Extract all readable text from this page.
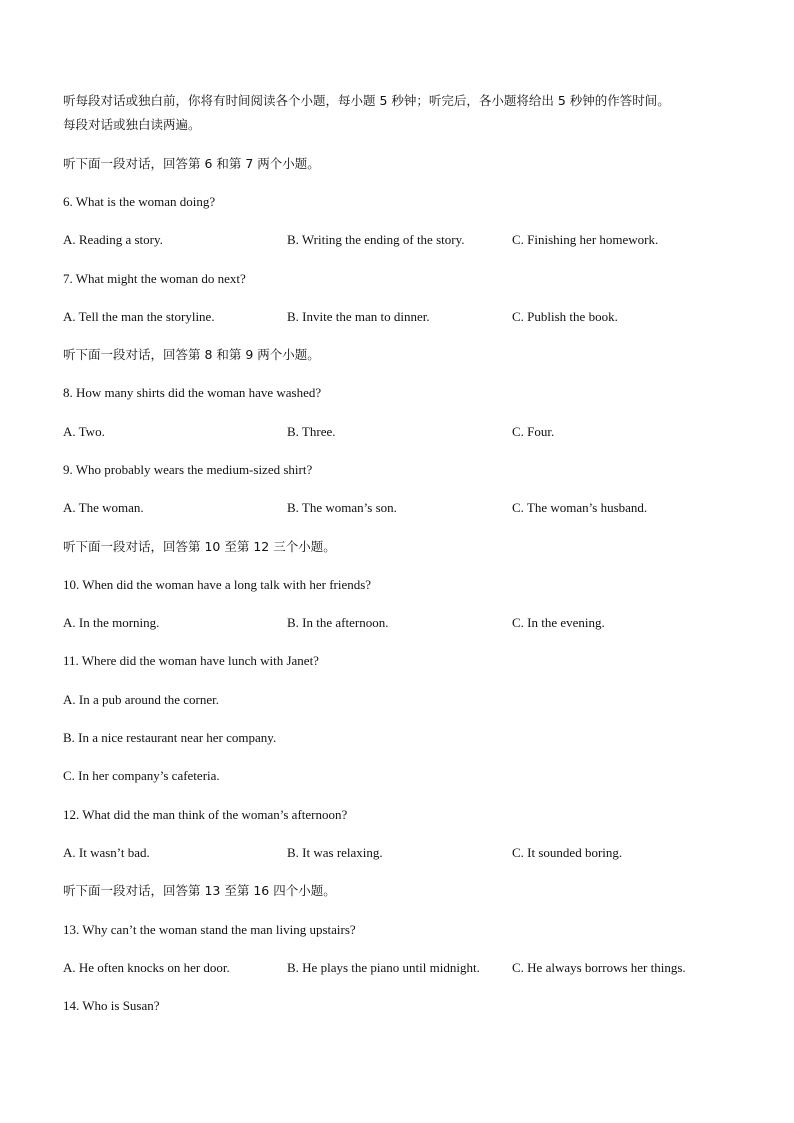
听每段对话或独白前，你将有时间阅读各个小题，每小题 5 秒钟；听完后，各小题将给出 5 秒钟的作答时间。
每段对话或独白读两遍。
听下面一段对话，回答第 6 和第 7 两个小题。
6. What is the woman doing?
A. Reading a story.	B. Writing the ending of the story.	C. Finishing her homework.
7. What might the woman do next?
A. Tell the man the storyline.	B. Invite the man to dinner.	C. Publish the book.
听下面一段对话，回答第 8 和第 9 两个小题。
8. How many shirts did the woman have washed?
A. Two.	B. Three.	C. Four.
9. Who probably wears the medium-sized shirt?
A. The woman.	B. The woman’s son.	C. The woman’s husband.
听下面一段对话，回答第 10 至第 12 三个小题。
10. When did the woman have a long talk with her friends?
A. In the morning.	B. In the afternoon.	C. In the evening.
11. Where did the woman have lunch with Janet?
A. In a pub around the corner.
B. In a nice restaurant near her company.
C. In her company’s cafeteria.
12. What did the man think of the woman’s afternoon?
A. It wasn’t bad.	B. It was relaxing.	C. It sounded boring.
听下面一段对话，回答第 13 至第 16 四个小题。
13. Why can’t the woman stand the man living upstairs?
A. He often knocks on her door.	B. He plays the piano until midnight. C. He always borrows her things.
14. Who is Susan?
